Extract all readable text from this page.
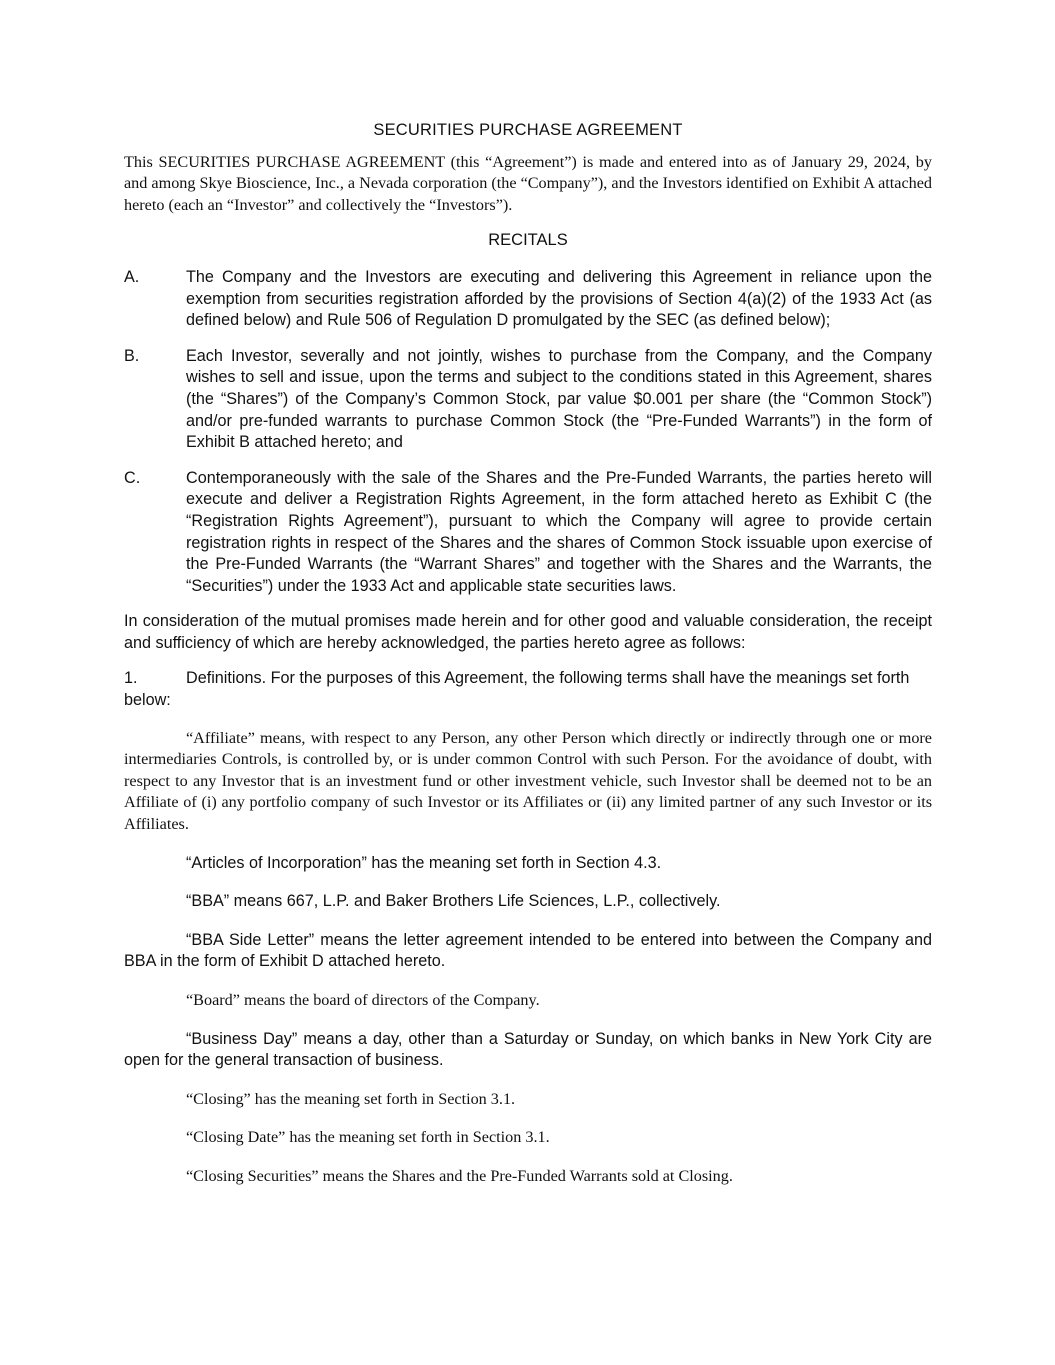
SECURITIES PURCHASE AGREEMENT
This SECURITIES PURCHASE AGREEMENT (this “Agreement”) is made and entered into as of January 29, 2024, by and among Skye Bioscience, Inc., a Nevada corporation (the “Company”), and the Investors identified on Exhibit A attached hereto (each an “Investor” and collectively the “Investors”).
RECITALS
A.	The Company and the Investors are executing and delivering this Agreement in reliance upon the exemption from securities registration afforded by the provisions of Section 4(a)(2) of the 1933 Act (as defined below) and Rule 506 of Regulation D promulgated by the SEC (as defined below);
B.	Each Investor, severally and not jointly, wishes to purchase from the Company, and the Company wishes to sell and issue, upon the terms and subject to the conditions stated in this Agreement, shares (the “Shares”) of the Company’s Common Stock, par value $0.001 per share (the “Common Stock”) and/or pre-funded warrants to purchase Common Stock (the “Pre-Funded Warrants”) in the form of Exhibit B attached hereto; and
C.	Contemporaneously with the sale of the Shares and the Pre-Funded Warrants, the parties hereto will execute and deliver a Registration Rights Agreement, in the form attached hereto as Exhibit C (the “Registration Rights Agreement”), pursuant to which the Company will agree to provide certain registration rights in respect of the Shares and the shares of Common Stock issuable upon exercise of the Pre-Funded Warrants (the “Warrant Shares” and together with the Shares and the Warrants, the “Securities”) under the 1933 Act and applicable state securities laws.
In consideration of the mutual promises made herein and for other good and valuable consideration, the receipt and sufficiency of which are hereby acknowledged, the parties hereto agree as follows:
1.	Definitions. For the purposes of this Agreement, the following terms shall have the meanings set forth below:
“Affiliate” means, with respect to any Person, any other Person which directly or indirectly through one or more intermediaries Controls, is controlled by, or is under common Control with such Person. For the avoidance of doubt, with respect to any Investor that is an investment fund or other investment vehicle, such Investor shall be deemed not to be an Affiliate of (i) any portfolio company of such Investor or its Affiliates or (ii) any limited partner of any such Investor or its Affiliates.
“Articles of Incorporation” has the meaning set forth in Section 4.3.
“BBA” means 667, L.P. and Baker Brothers Life Sciences, L.P., collectively.
“BBA Side Letter” means the letter agreement intended to be entered into between the Company and BBA in the form of Exhibit D attached hereto.
“Board” means the board of directors of the Company.
“Business Day” means a day, other than a Saturday or Sunday, on which banks in New York City are open for the general transaction of business.
“Closing” has the meaning set forth in Section 3.1.
“Closing Date” has the meaning set forth in Section 3.1.
“Closing Securities” means the Shares and the Pre-Funded Warrants sold at Closing.
